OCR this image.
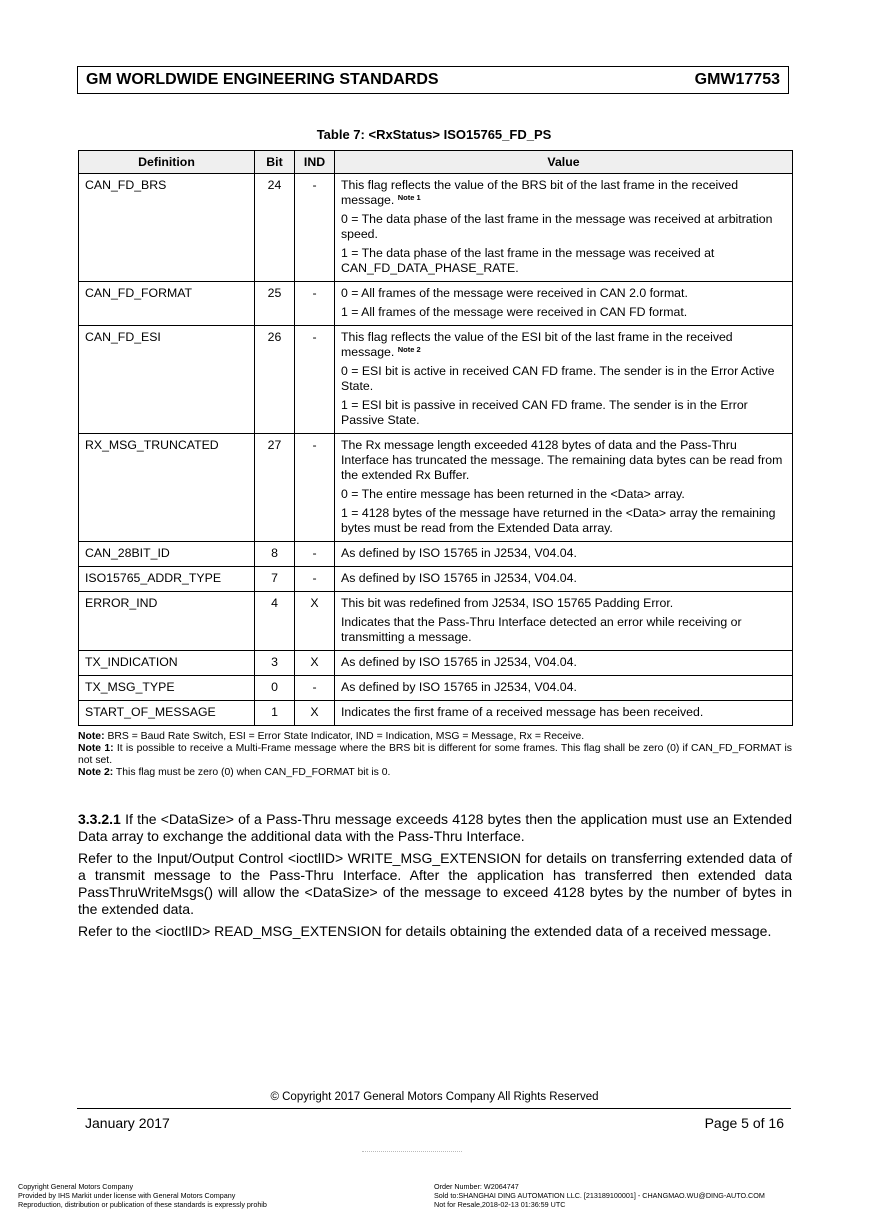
GM WORLDWIDE ENGINEERING STANDARDS	GMW17753
Table 7: <RxStatus> ISO15765_FD_PS
Definition	Bit	IND	Value
CAN_FD_BRS	24	-	This flag reflects the value of the BRS bit of the last frame in the received message. $^{Note 1}$

0 = The data phase of the last frame in the message was received at arbitration speed.

1 = The data phase of the last frame in the message was received at CAN_FD_DATA_PHASE_RATE.

CAN_FD_FORMAT	25	-	0 = All frames of the message were received in CAN 2.0 format.

1 = All frames of the message were received in CAN FD format.

CAN_FD_ESI	26	-	This flag reflects the value of the ESI bit of the last frame in the received message. $^{Note 2}$

0 = ESI bit is active in received CAN FD frame. The sender is in the Error Active State.

1 = ESI bit is passive in received CAN FD frame. The sender is in the Error Passive State.

RX_MSG_TRUNCATED	27	-	The Rx message length exceeded 4128 bytes of data and the Pass-Thru Interface has truncated the message. The remaining data bytes can be read from the extended Rx Buffer.

0 = The entire message has been returned in the <Data> array.

1 = 4128 bytes of the message have returned in the <Data> array the remaining bytes must be read from the Extended Data array.

CAN_28BIT_ID	8	-	As defined by ISO 15765 in J2534, V04.04.

ISO15765_ADDR_TYPE	7	-	As defined by ISO 15765 in J2534, V04.04.

ERROR_IND	4	X	This bit was redefined from J2534, ISO 15765 Padding Error.

Indicates that the Pass-Thru Interface detected an error while receiving or transmitting a message.

TX_INDICATION	3	X	As defined by ISO 15765 in J2534, V04.04.

TX_MSG_TYPE	0	-	As defined by ISO 15765 in J2534, V04.04.

START_OF_MESSAGE	1	X	Indicates the first frame of a received message has been received.

Note: BRS = Baud Rate Switch, ESI = Error State Indicator, IND = Indication, MSG = Message, Rx = Receive.

Note 1: It is possible to receive a Multi-Frame message where the BRS bit is different for some frames. This flag shall be zero (0) if CAN_FD_FORMAT is not set.

Note 2: This flag must be zero (0) when CAN_FD_FORMAT bit is 0.

3.3.2.1 If the <DataSize> of a Pass-Thru message exceeds 4128 bytes then the application must use an Extended Data array to exchange the additional data with the Pass-Thru Interface.

Refer to the Input/Output Control <ioctlID> WRITE_MSG_EXTENSION for details on transferring extended data of a transmit message to the Pass-Thru Interface. After the application has transferred then extended data PassThruWriteMsgs() will allow the <DataSize> of the message to exceed 4128 bytes by the number of bytes in the extended data.

Refer to the <ioctlID> READ_MSG_EXTENSION for details obtaining the extended data of a received message.

© Copyright 2017 General Motors Company All Rights Reserved
January 2017	Page 5 of 16

Copyright General Motors Company

Provided by IHS Markit under license with General Motors Company

Reproduction, distribution or publication of these standards is expressly prohib

Order Number: W2064747

Sold to:SHANGHAI DING AUTOMATION LLC. [213189100001] - CHANGMAO.WU@DING-AUTO.COM

Not for Resale,2018-02-13 01:36:59 UTC
